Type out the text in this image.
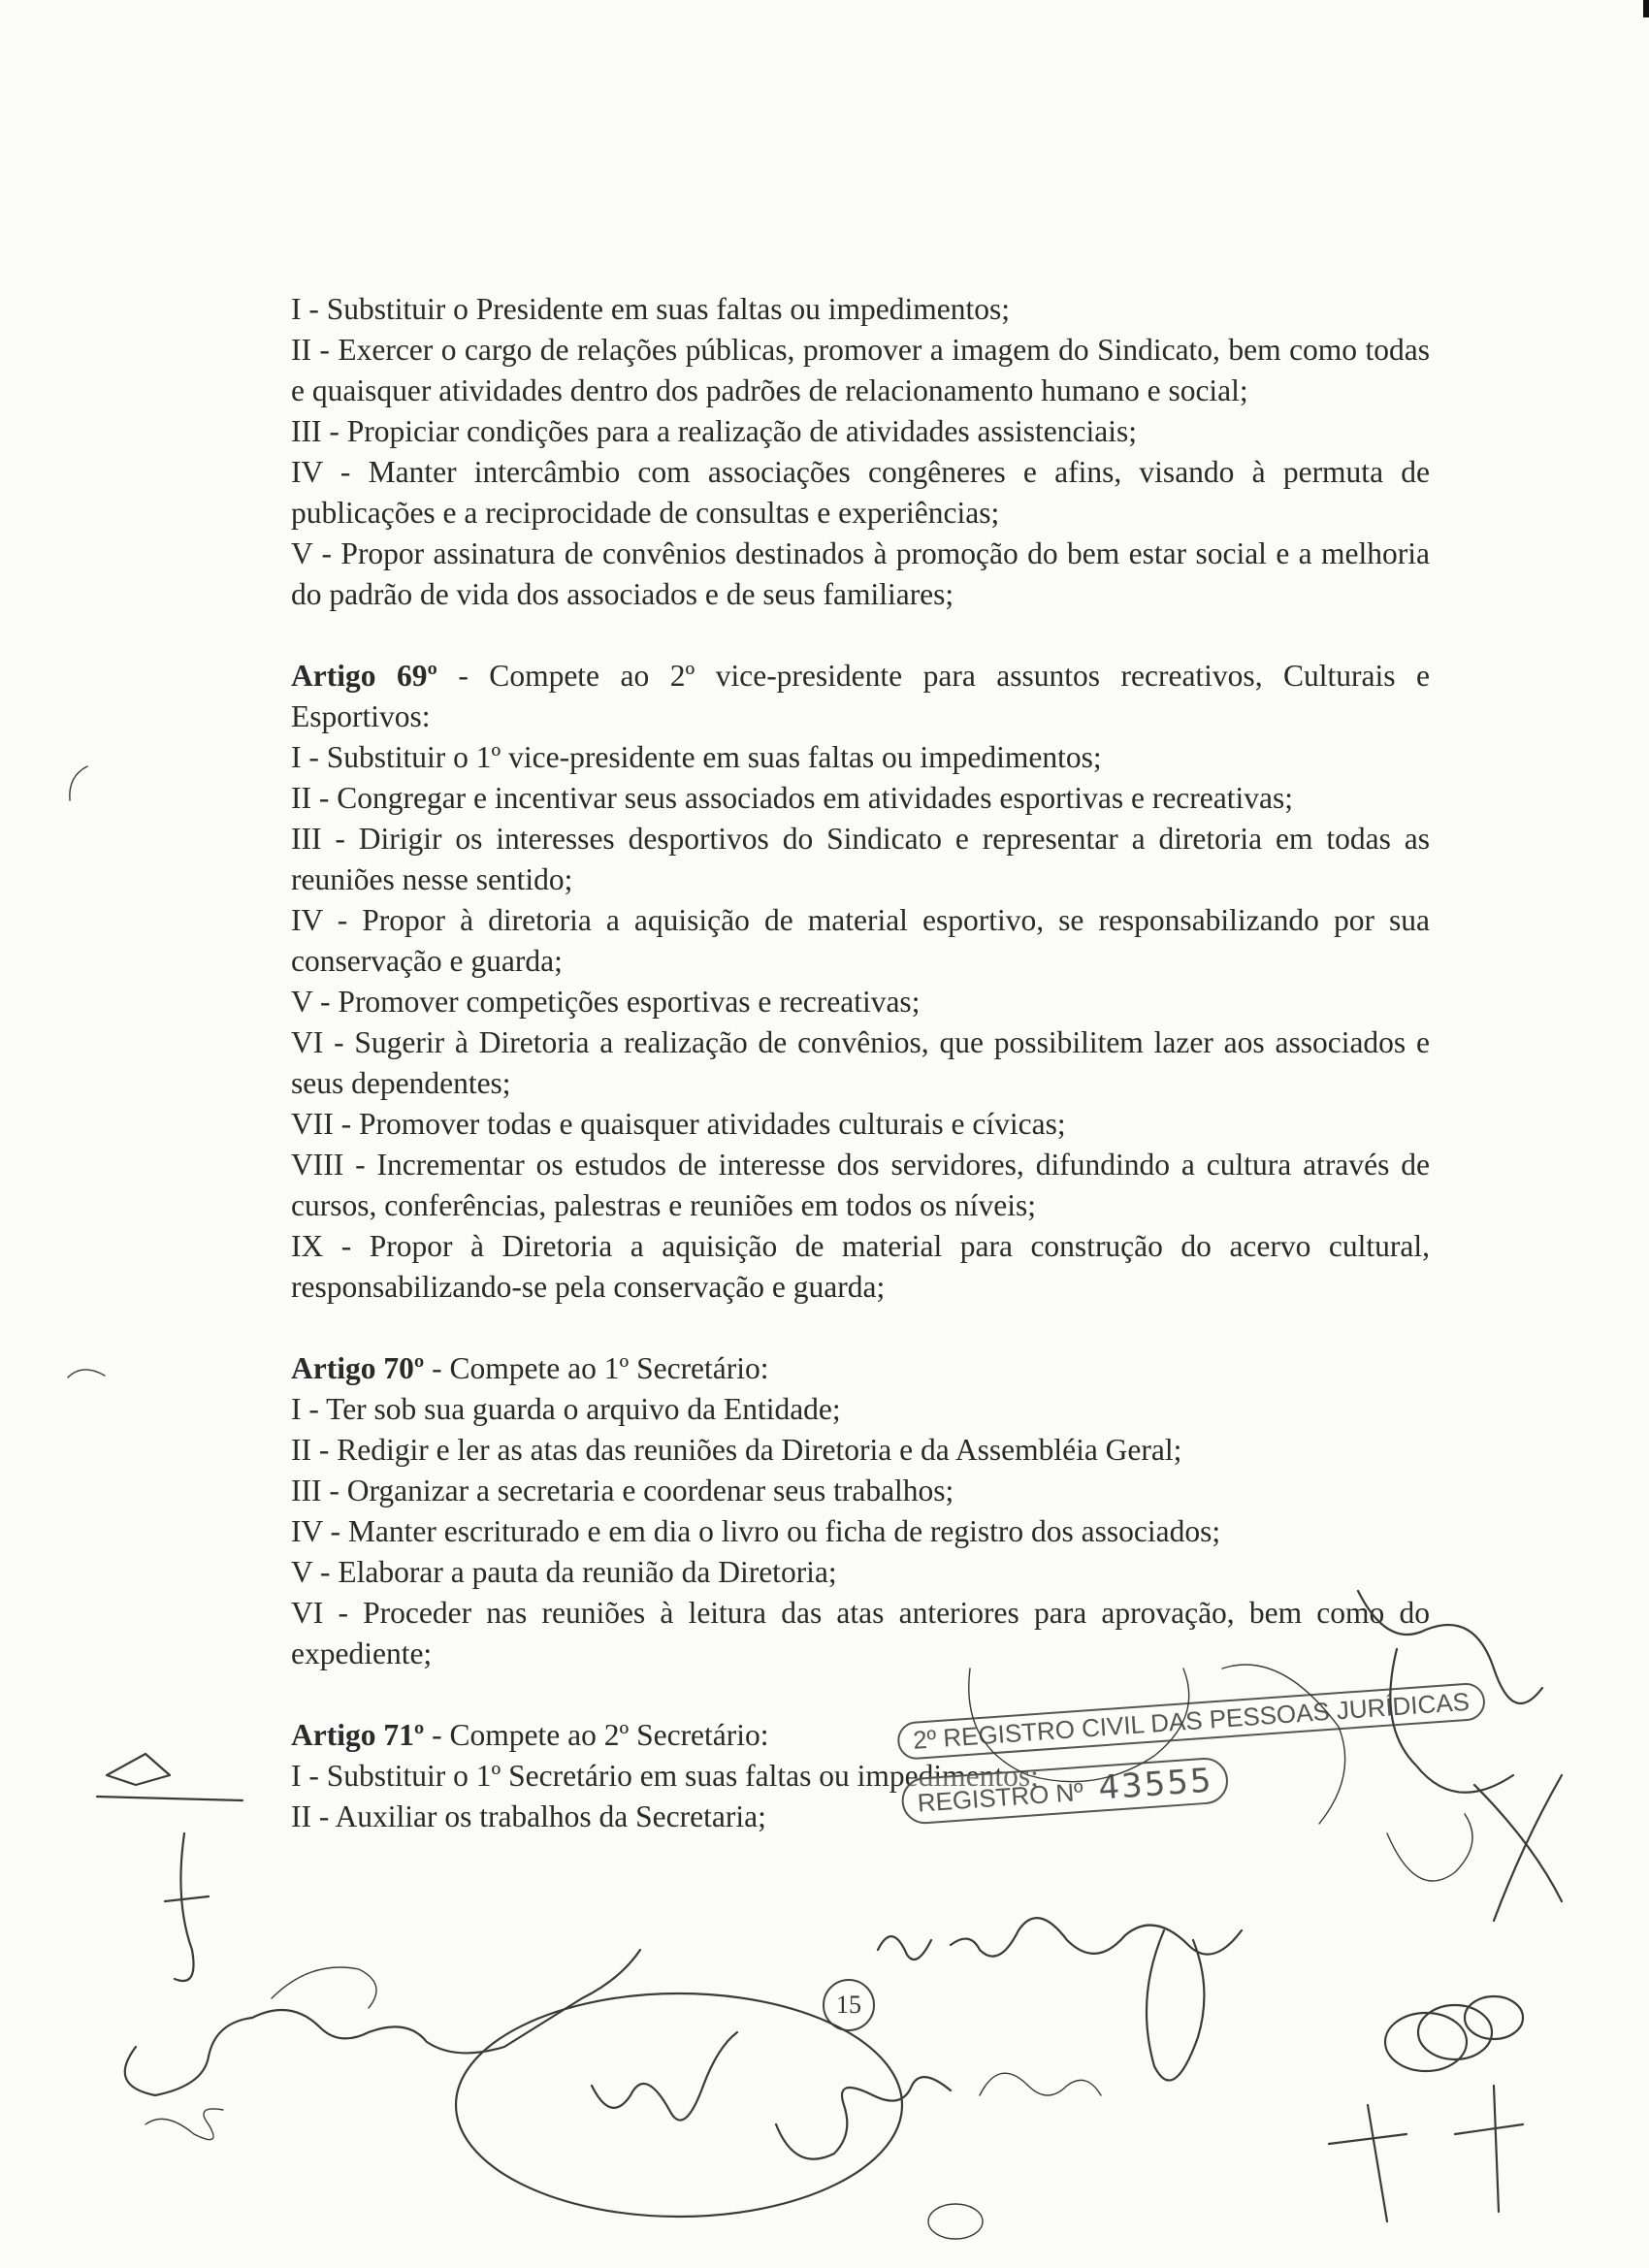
I - Substituir o Presidente em suas faltas ou impedimentos;

II - Exercer o cargo de relações públicas, promover a imagem do Sindicato, bem como todas e quaisquer atividades dentro dos padrões de relacionamento humano e social;

III - Propiciar condições para a realização de atividades assistenciais;

IV - Manter intercâmbio com associações congêneres e afins, visando à permuta de publicações e a reciprocidade de consultas e experiências;

V - Propor assinatura de convênios destinados à promoção do bem estar social e a melhoria do padrão de vida dos associados e de seus familiares;

Artigo 69º - Compete ao 2º vice-presidente para assuntos recreativos, Culturais e Esportivos:

I - Substituir o 1º vice-presidente em suas faltas ou impedimentos;

II - Congregar e incentivar seus associados em atividades esportivas e recreativas;

III - Dirigir os interesses desportivos do Sindicato e representar a diretoria em todas as reuniões nesse sentido;

IV - Propor à diretoria a aquisição de material esportivo, se responsabilizando por sua conservação e guarda;

V - Promover competições esportivas e recreativas;

VI - Sugerir à Diretoria a realização de convênios, que possibilitem lazer aos associados e seus dependentes;

VII - Promover todas e quaisquer atividades culturais e cívicas;

VIII - Incrementar os estudos de interesse dos servidores, difundindo a cultura através de cursos, conferências, palestras e reuniões em todos os níveis;

IX - Propor à Diretoria a aquisição de material para construção do acervo cultural, responsabilizando-se pela conservação e guarda;

Artigo 70º - Compete ao 1º Secretário:

I - Ter sob sua guarda o arquivo da Entidade;

II - Redigir e ler as atas das reuniões da Diretoria e da Assembléia Geral;

III - Organizar a secretaria e coordenar seus trabalhos;

IV - Manter escriturado e em dia o livro ou ficha de registro dos associados;

V - Elaborar a pauta da reunião da Diretoria;

VI - Proceder nas reuniões à leitura das atas anteriores para aprovação, bem como do expediente;

Artigo 71º - Compete ao 2º Secretário:

I - Substituir o 1º Secretário em suas faltas ou impedimentos;

II - Auxiliar os trabalhos da Secretaria;

2º REGISTRO CIVIL DAS PESSOAS JURÍDICAS
REGISTRO Nº 43555
15
